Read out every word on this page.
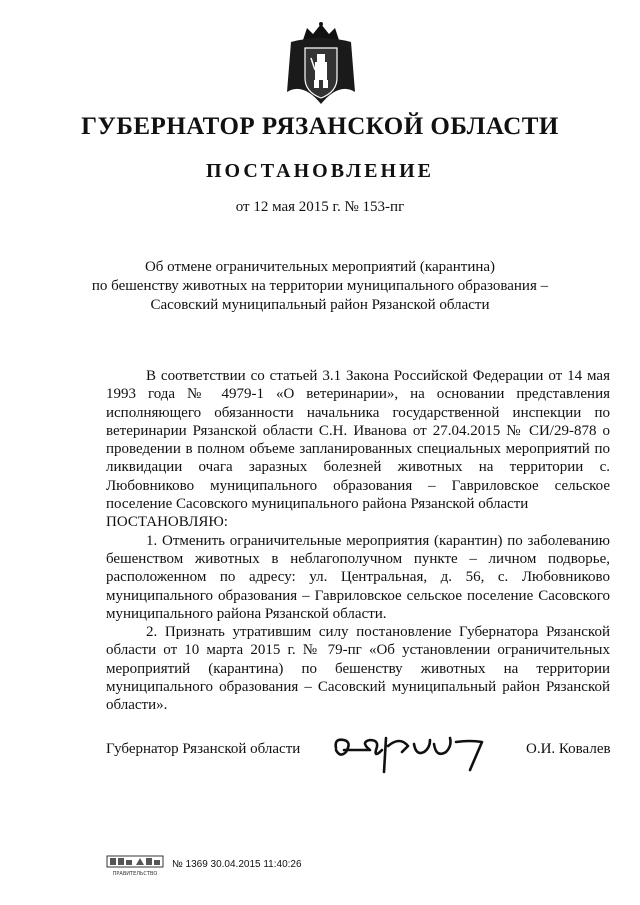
ГУБЕРНАТОР РЯЗАНСКОЙ ОБЛАСТИ
ПОСТАНОВЛЕНИЕ
от 12 мая 2015 г. № 153-пг
Об отмене ограничительных мероприятий (карантина)
по бешенству животных на территории муниципального образования –
Сасовский муниципальный район Рязанской области

В соответствии со статьей 3.1 Закона Российской Федерации от 14 мая 1993 года № 4979-1 «О ветеринарии», на основании представления исполняющего обязанности начальника государственной инспекции по ветеринарии Рязанской области С.Н. Иванова от 27.04.2015 № СИ/29-878 о проведении в полном объеме запланированных специальных мероприятий по ликвидации очага заразных болезней животных на территории с. Любовниково муниципального образования – Гавриловское сельское поселение Сасовского муниципального района Рязанской области

ПОСТАНОВЛЯЮ:

1. Отменить ограничительные мероприятия (карантин) по заболеванию бешенством животных в неблагополучном пункте – личном подворье, расположенном по адресу: ул. Центральная, д. 56, с. Любовниково муниципального образования – Гавриловское сельское поселение Сасовского муниципального района Рязанской области.

2. Признать утратившим силу постановление Губернатора Рязанской области от 10 марта 2015 г. № 79-пг «Об установлении ограничительных мероприятий (карантина) по бешенству животных на территории муниципального образования – Сасовский муниципальный район Рязанской области».

Губернатор Рязанской области	О.И. Ковалев
ПРАВИТЕЛЬСТВО
№ 1369 30.04.2015 11:40:26
